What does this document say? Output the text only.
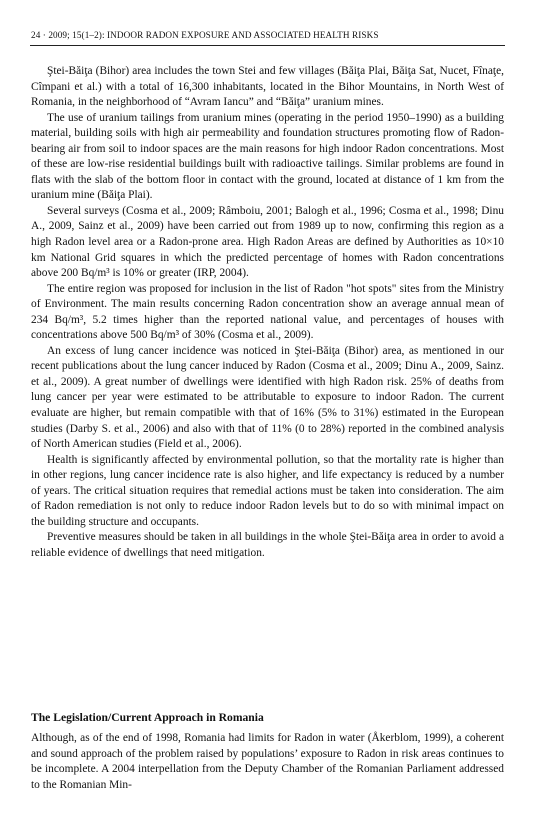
24 · 2009; 15(1–2): INDOOR RADON EXPOSURE AND ASSOCIATED HEALTH RISKS

Ştei-Băiţa (Bihor) area includes the town Stei and few villages (Băiţa Plai, Băiţa Sat, Nucet, Fînaţe, Cîmpani et al.) with a total of 16,300 inhabitants, located in the Bihor Mountains, in North West of Romania, in the neighborhood of “Avram Iancu” and “Băiţa” uranium mines.

The use of uranium tailings from uranium mines (operating in the period 1950–1990) as a building material, building soils with high air permeability and foundation structures promoting flow of Radon-bearing air from soil to indoor spaces are the main reasons for high indoor Radon concentrations. Most of these are low-rise residential buildings built with radioactive tailings. Similar problems are found in flats with the slab of the bottom floor in contact with the ground, located at distance of 1 km from the uranium mine (Băiţa Plai).

Several surveys (Cosma et al., 2009; Râmboiu, 2001; Balogh et al., 1996; Cosma et al., 1998; Dinu A., 2009, Sainz et al., 2009) have been carried out from 1989 up to now, confirming this region as a high Radon level area or a Radon-prone area. High Radon Areas are defined by Authorities as 10×10 km National Grid squares in which the predicted percentage of homes with Radon concentrations above 200 Bq/m³ is 10% or greater (IRP, 2004).

The entire region was proposed for inclusion in the list of Radon "hot spots" sites from the Ministry of Environment. The main results concerning Radon concentration show an average annual mean of 234 Bq/m³, 5.2 times higher than the reported national value, and percentages of houses with concentrations above 500 Bq/m³ of 30% (Cosma et al., 2009).

An excess of lung cancer incidence was noticed in Ştei-Băiţa (Bihor) area, as mentioned in our recent publications about the lung cancer induced by Radon (Cosma et al., 2009; Dinu A., 2009, Sainz. et al., 2009). A great number of dwellings were identified with high Radon risk. 25% of deaths from lung cancer per year were estimated to be attributable to exposure to indoor Radon. The current evaluate are higher, but remain compatible with that of 16% (5% to 31%) estimated in the European studies (Darby S. et al., 2006) and also with that of 11% (0 to 28%) reported in the combined analysis of North American studies (Field et al., 2006).

Health is significantly affected by environmental pollution, so that the mortality rate is higher than in other regions, lung cancer incidence rate is also higher, and life expectancy is reduced by a number of years. The critical situation requires that remedial actions must be taken into consideration. The aim of Radon remediation is not only to reduce indoor Radon levels but to do so with minimal impact on the building structure and occupants.

Preventive measures should be taken in all buildings in the whole Ştei-Băiţa area in order to avoid a reliable evidence of dwellings that need mitigation.

The Legislation/Current Approach in Romania

Although, as of the end of 1998, Romania had limits for Radon in water (Åkerblom, 1999), a coherent and sound approach of the problem raised by populations’ exposure to Radon in risk areas continues to be incomplete. A 2004 interpellation from the Deputy Chamber of the Romanian Parliament addressed to the Romanian Min-
